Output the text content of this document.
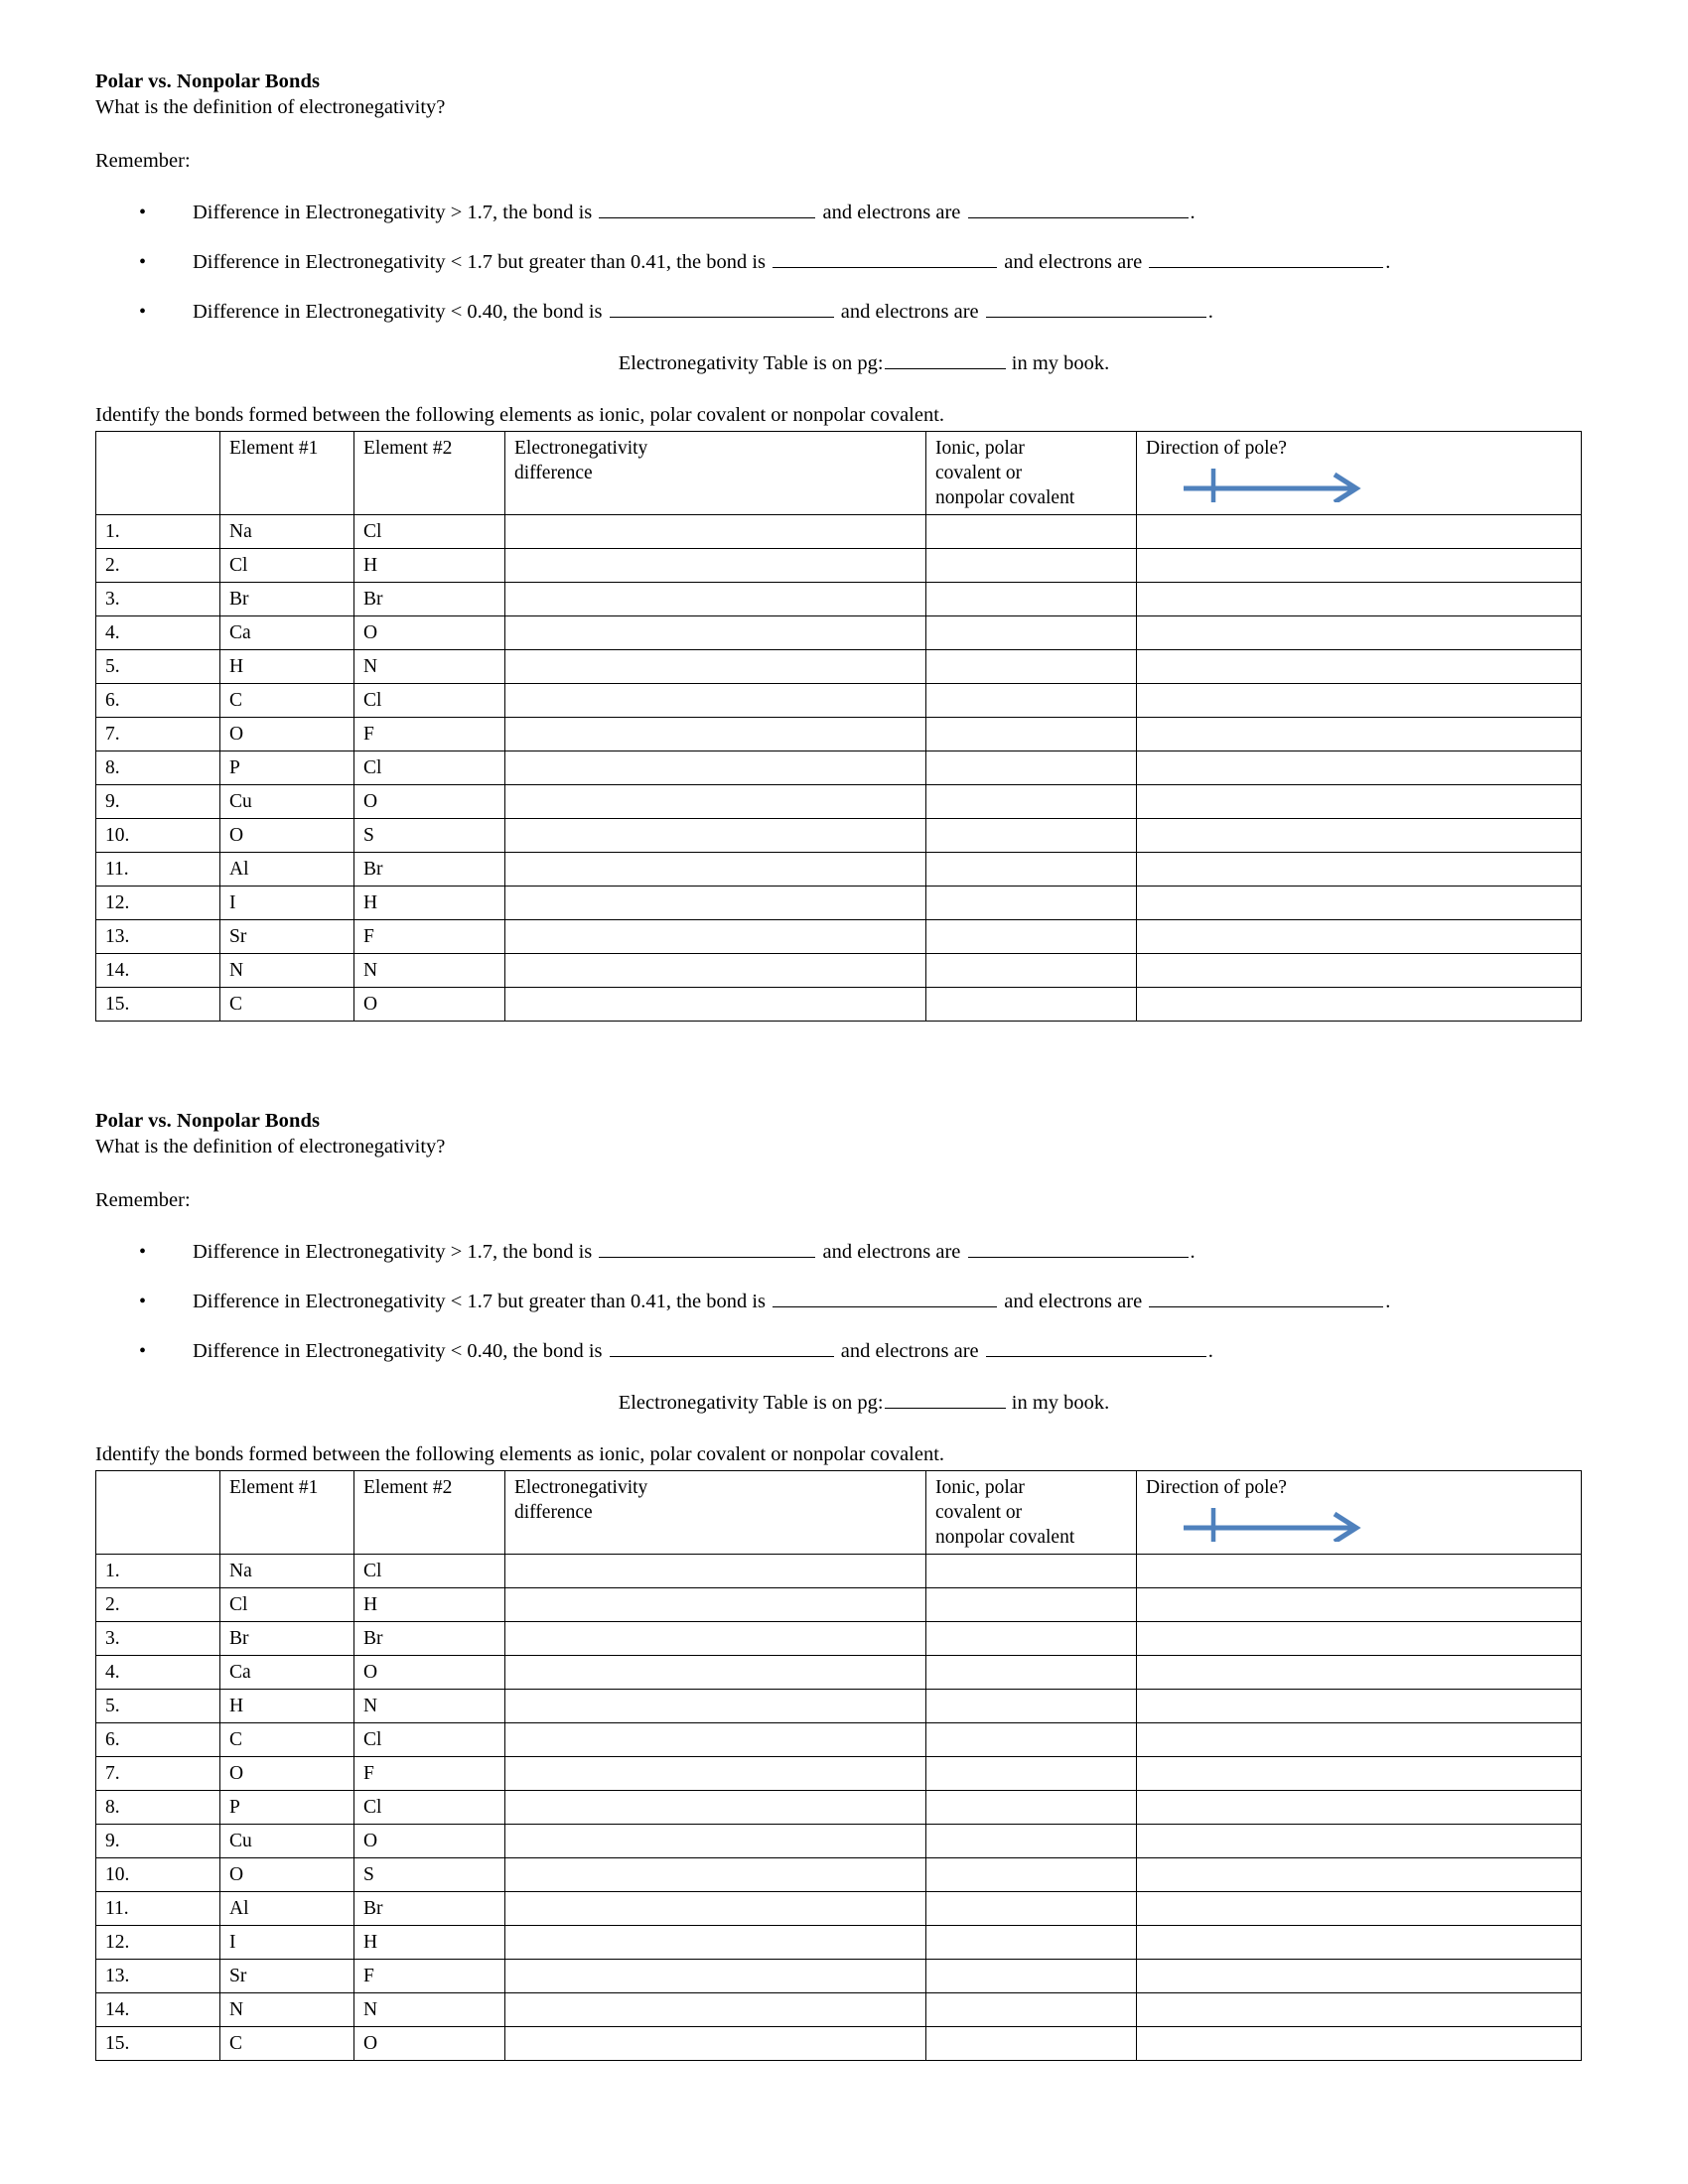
Polar vs. Nonpolar Bonds
What is the definition of electronegativity?
Remember:
• Difference in Electronegativity > 1.7, the bond is	and electrons are	.
• Difference in Electronegativity < 1.7 but greater than 0.41, the bond is	and electrons are	.
• Difference in Electronegativity < 0.40, the bond is	and electrons are	.
Electronegativity Table is on pg:	in my book.
Identify the bonds formed between the following elements as ionic, polar covalent or nonpolar covalent.
	Element #1	Element #2	Electronegativity
difference	Ionic, polar
covalent or
nonpolar covalent	Direction of pole?

1.	Na	Cl			
2.	Cl	H			
3.	Br	Br			
4.	Ca	O			
5.	H	N			
6.	C	Cl			
7.	O	F			
8.	P	Cl			
9.	Cu	O			
10.	O	S			
11.	Al	Br			
12.	I	H			
13.	Sr	F			
14.	N	N			
15.	C	O			
Polar vs. Nonpolar Bonds
What is the definition of electronegativity?
Remember:
• Difference in Electronegativity > 1.7, the bond is	and electrons are	.
• Difference in Electronegativity < 1.7 but greater than 0.41, the bond is	and electrons are	.
• Difference in Electronegativity < 0.40, the bond is	and electrons are	.
Electronegativity Table is on pg:	in my book.
Identify the bonds formed between the following elements as ionic, polar covalent or nonpolar covalent.
	Element #1	Element #2	Electronegativity
difference	Ionic, polar
covalent or
nonpolar covalent	Direction of pole?

1.	Na	Cl			
2.	Cl	H			
3.	Br	Br			
4.	Ca	O			
5.	H	N			
6.	C	Cl			
7.	O	F			
8.	P	Cl			
9.	Cu	O			
10.	O	S			
11.	Al	Br			
12.	I	H			
13.	Sr	F			
14.	N	N			
15.	C	O			
